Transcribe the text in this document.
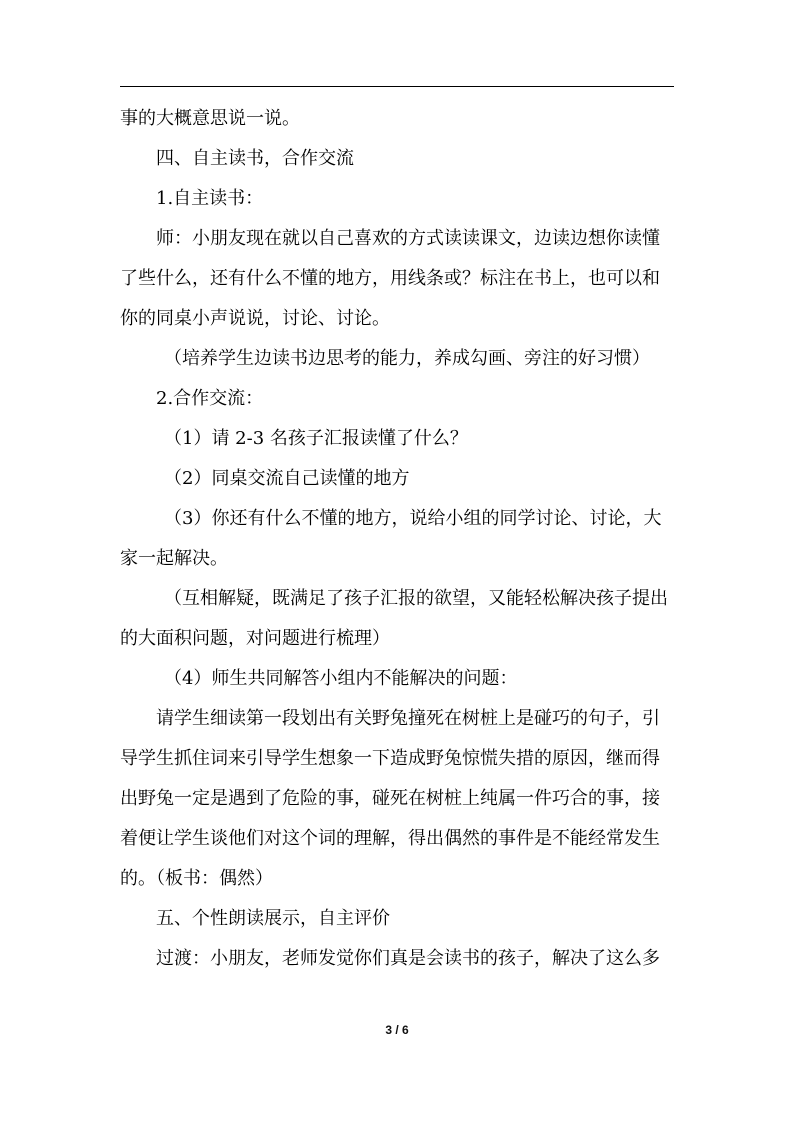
事的大概意思说一说。
四、自主读书，合作交流
1.自主读书：
师：小朋友现在就以自己喜欢的方式读读课文，边读边想你读懂
了些什么，还有什么不懂的地方，用线条或？标注在书上，也可以和
你的同桌小声说说，讨论、讨论。
（培养学生边读书边思考的能力，养成勾画、旁注的好习惯）
2.合作交流：
（1）请 2-3 名孩子汇报读懂了什么？
（2）同桌交流自己读懂的地方
（3）你还有什么不懂的地方，说给小组的同学讨论、讨论，大
家一起解决。
（互相解疑，既满足了孩子汇报的欲望，又能轻松解决孩子提出
的大面积问题，对问题进行梳理）
（4）师生共同解答小组内不能解决的问题：
请学生细读第一段划出有关野兔撞死在树桩上是碰巧的句子，引
导学生抓住词来引导学生想象一下造成野兔惊慌失措的原因，继而得
出野兔一定是遇到了危险的事，碰死在树桩上纯属一件巧合的事，接
着便让学生谈他们对这个词的理解，得出偶然的事件是不能经常发生
的。（板书：偶然）
五、个性朗读展示，自主评价
过渡：小朋友，老师发觉你们真是会读书的孩子，解决了这么多
3 / 6
